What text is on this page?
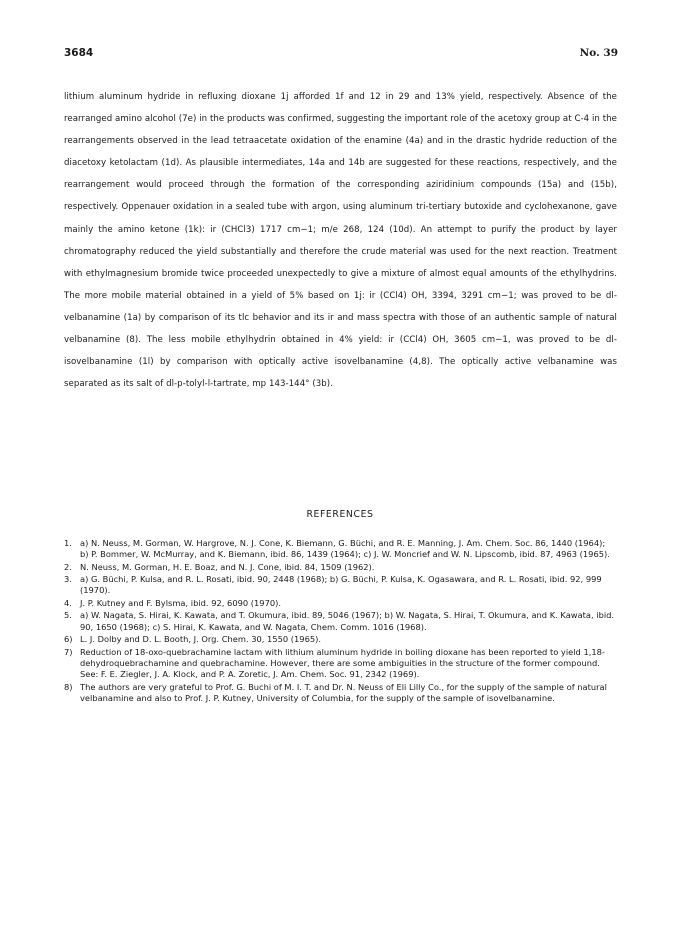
3684	No. 39

lithium aluminum hydride in refluxing dioxane 1j afforded 1f and 12 in 29 and 13% yield, respectively. Absence of the rearranged amino alcohol (7e) in the products was confirmed, suggesting the important role of the acetoxy group at C-4 in the rearrangements observed in the lead tetraacetate oxidation of the enamine (4a) and in the drastic hydride reduction of the diacetoxy ketolactam (1d). As plausible intermediates, 14a and 14b are suggested for these reactions, respectively, and the rearrangement would proceed through the formation of the corresponding aziridinium compounds (15a) and (15b), respectively. Oppenauer oxidation in a sealed tube with argon, using aluminum tri-tertiary butoxide and cyclohexanone, gave mainly the amino ketone (1k): ir (CHCl3) 1717 cm−1; m/e 268, 124 (10d). An attempt to purify the product by layer chromatography reduced the yield substantially and therefore the crude material was used for the next reaction. Treatment with ethylmagnesium bromide twice proceeded unexpectedly to give a mixture of almost equal amounts of the ethylhydrins. The more mobile material obtained in a yield of 5% based on 1j: ir (CCl4) OH, 3394, 3291 cm−1; was proved to be dl-velbanamine (1a) by comparison of its tlc behavior and its ir and mass spectra with those of an authentic sample of natural velbanamine (8). The less mobile ethylhydrin obtained in 4% yield: ir (CCl4) OH, 3605 cm−1, was proved to be dl-isovelbanamine (1l) by comparison with optically active isovelbanamine (4,8). The optically active velbanamine was separated as its salt of dl-p-tolyl-l-tartrate, mp 143-144° (3b).

REFERENCES
1. a) N. Neuss, M. Gorman, W. Hargrove, N. J. Cone, K. Biemann, G. Büchi, and R. E. Manning, J. Am. Chem. Soc. 86, 1440 (1964); b) P. Bommer, W. McMurray, and K. Biemann, ibid. 86, 1439 (1964); c) J. W. Moncrief and W. N. Lipscomb, ibid. 87, 4963 (1965).
2. N. Neuss, M. Gorman, H. E. Boaz, and N. J. Cone, ibid. 84, 1509 (1962).
3. a) G. Büchi, P. Kulsa, and R. L. Rosati, ibid. 90, 2448 (1968); b) G. Büchi, P. Kulsa, K. Ogasawara, and R. L. Rosati, ibid. 92, 999 (1970).
4. J. P. Kutney and F. Bylsma, ibid. 92, 6090 (1970).
5. a) W. Nagata, S. Hirai, K. Kawata, and T. Okumura, ibid. 89, 5046 (1967); b) W. Nagata, S. Hirai, T. Okumura, and K. Kawata, ibid. 90, 1650 (1968); c) S. Hirai, K. Kawata, and W. Nagata, Chem. Comm. 1016 (1968).
6) L. J. Dolby and D. L. Booth, J. Org. Chem. 30, 1550 (1965).
7) Reduction of 18-oxo-quebrachamine lactam with lithium aluminum hydride in boiling dioxane has been reported to yield 1,18-dehydroquebrachamine and quebrachamine. However, there are some ambiguities in the structure of the former compound. See: F. E. Ziegler, J. A. Klock, and P. A. Zoretic, J. Am. Chem. Soc. 91, 2342 (1969).
8) The authors are very grateful to Prof. G. Buchi of M. I. T. and Dr. N. Neuss of Eli Lilly Co., for the supply of the sample of natural velbanamine and also to Prof. J. P. Kutney, University of Columbia, for the supply of the sample of isovelbanamine.
